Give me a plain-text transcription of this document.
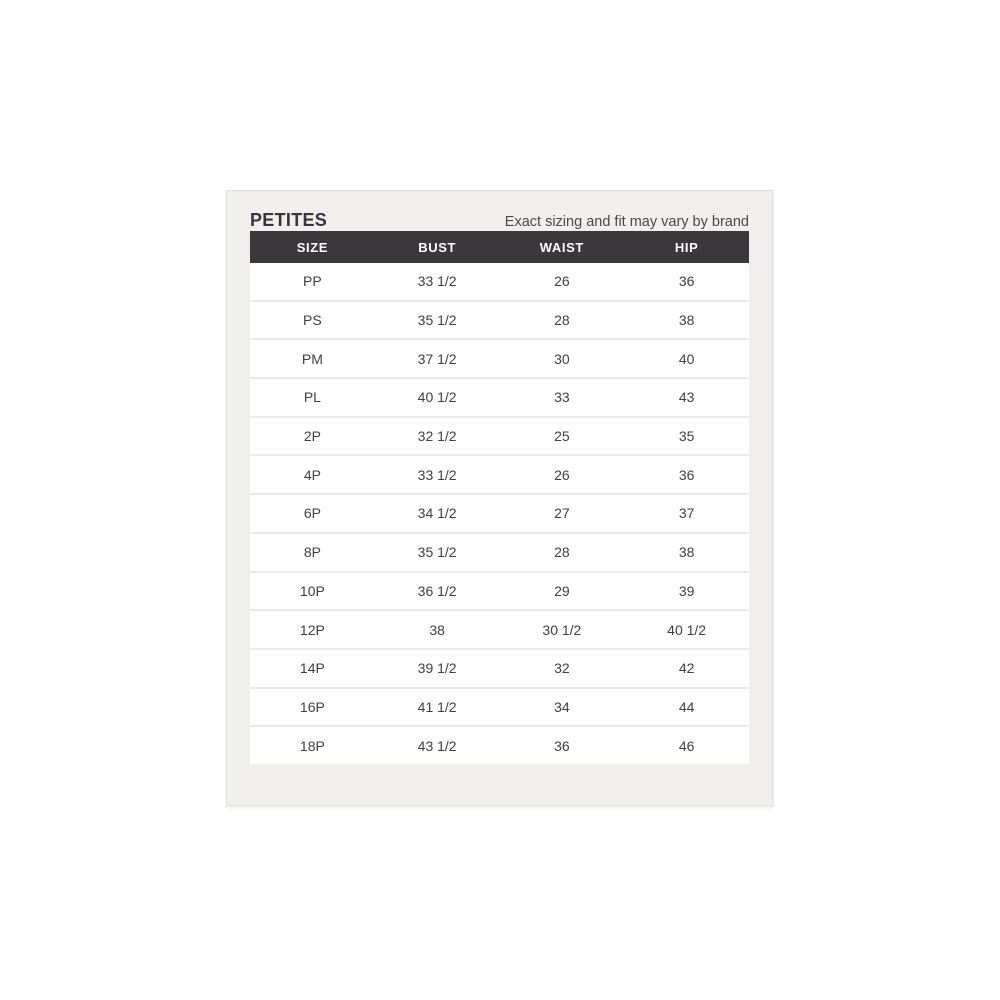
PETITES	Exact sizing and fit may vary by brand
SIZE	BUST	WAIST	HIP
PP	33 1/2	26	36
PS	35 1/2	28	38
PM	37 1/2	30	40
PL	40 1/2	33	43
2P	32 1/2	25	35
4P	33 1/2	26	36
6P	34 1/2	27	37
8P	35 1/2	28	38
10P	36 1/2	29	39
12P	38	30 1/2	40 1/2
14P	39 1/2	32	42
16P	41 1/2	34	44
18P	43 1/2	36	46
